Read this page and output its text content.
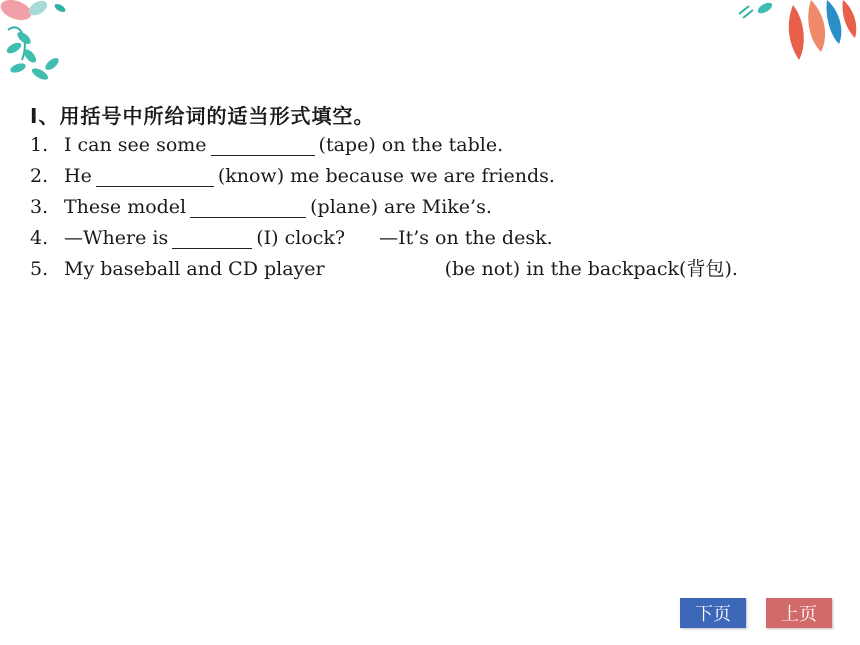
Ⅰ、用括号中所给词的适当形式填空。
1. I can see some	(tape) on the table.
2. He	(know) me because we are friends.
3. These model	(plane) are Mike’s.
4. —Where is	(I) clock? —It’s on the desk.
5. My baseball and CD player	(be not) in the backpack(背包).
下页	上页
